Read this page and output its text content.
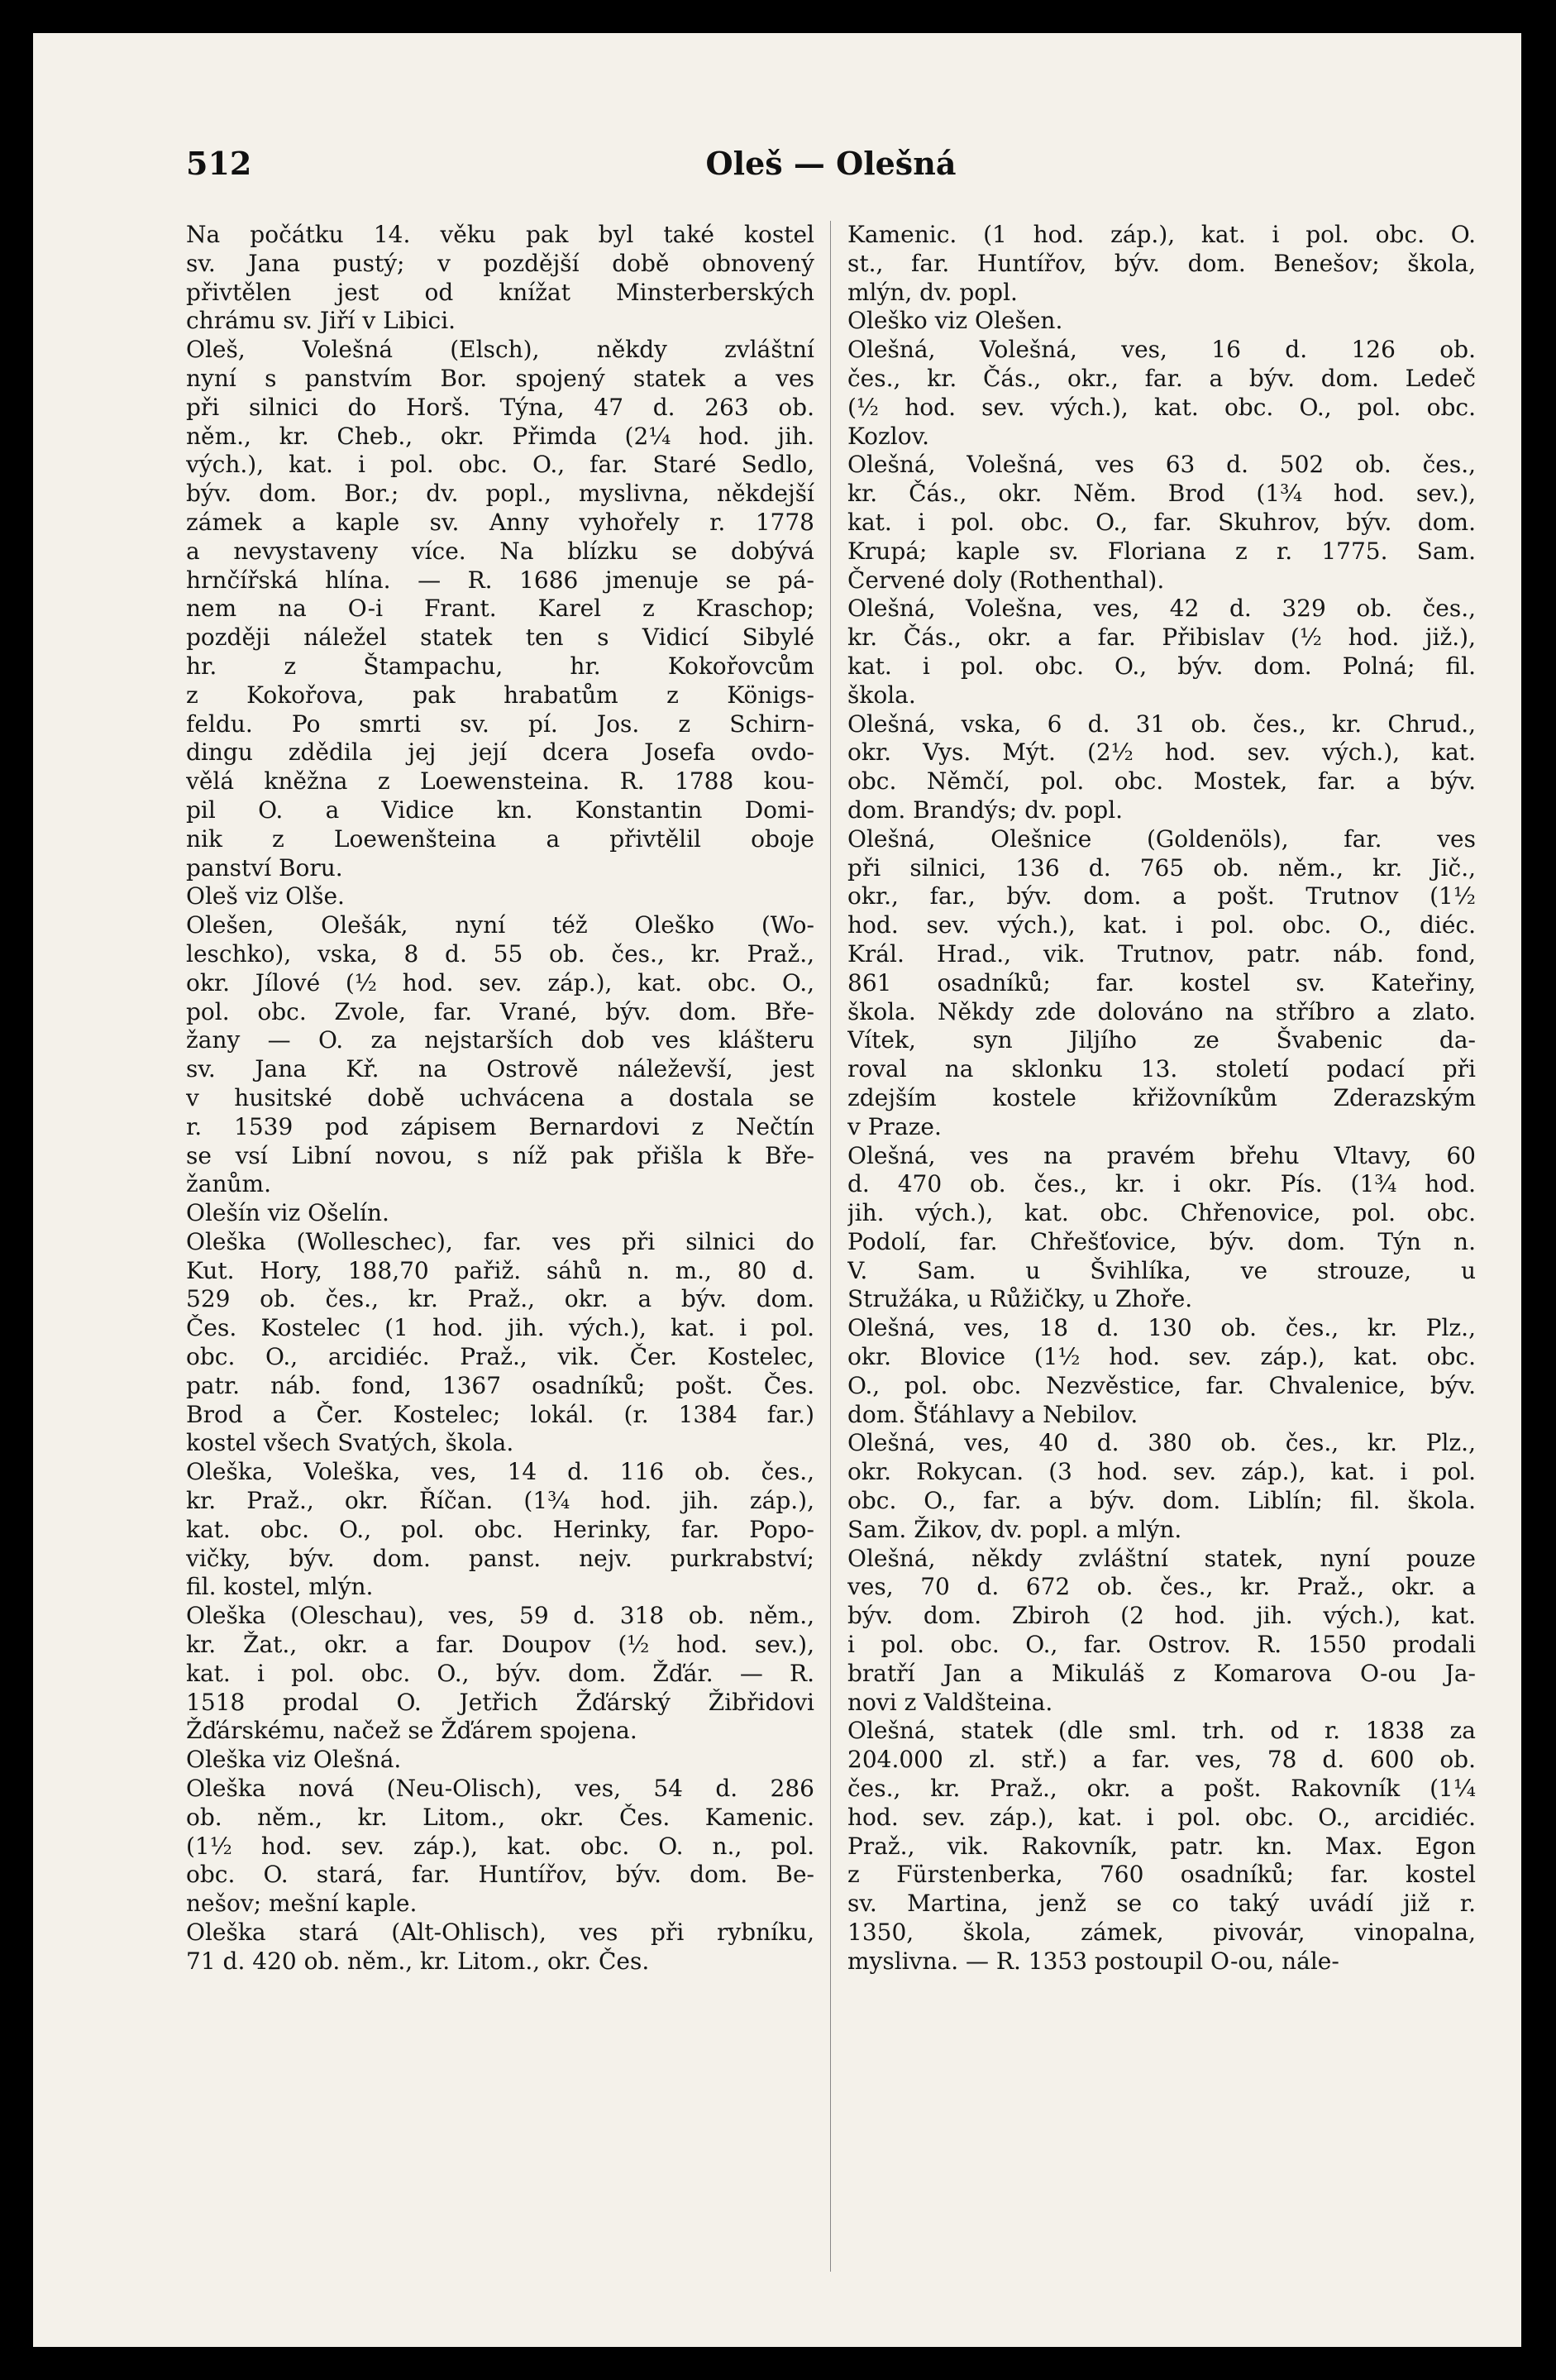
512	Oleš — Olešná
Na počátku 14. věku pak byl také kostel
sv. Jana pustý; v pozdější době obnovený
přivtělen jest od knížat Minsterberských
chrámu sv. Jiří v Libici.
Oleš, Volešná (Elsch), někdy zvláštní
nyní s panstvím Bor. spojený statek a ves
při silnici do Horš. Týna, 47 d. 263 ob.
něm., kr. Cheb., okr. Přimda (2¼ hod. jih.
vých.), kat. i pol. obc. O., far. Staré Sedlo,
býv. dom. Bor.; dv. popl., myslivna, někdejší
zámek a kaple sv. Anny vyhořely r. 1778
a nevystaveny více. Na blízku se dobývá
hrnčířská hlína. — R. 1686 jmenuje se pá-
nem na O-i Frant. Karel z Kraschop;
později náležel statek ten s Vidicí Sibylé
hr. z Štampachu, hr. Kokořovcům
z Kokořova, pak hrabatům z Königs-
feldu. Po smrti sv. pí. Jos. z Schirn-
dingu zdědila jej její dcera Josefa ovdo-
vělá kněžna z Loewensteina. R. 1788 kou-
pil O. a Vidice kn. Konstantin Domi-
nik z Loewenšteina a přivtělil oboje
panství Boru.
Oleš viz Olše.
Olešen, Olešák, nyní též Oleško (Wo-
leschko), vska, 8 d. 55 ob. čes., kr. Praž.,
okr. Jílové (½ hod. sev. záp.), kat. obc. O.,
pol. obc. Zvole, far. Vrané, býv. dom. Bře-
žany — O. za nejstarších dob ves klášteru
sv. Jana Kř. na Ostrově náleževší, jest
v husitské době uchvácena a dostala se
r. 1539 pod zápisem Bernardovi z Nečtín
se vsí Libní novou, s níž pak přišla k Bře-
žanům.
Olešín viz Ošelín.
Oleška (Wolleschec), far. ves při silnici do
Kut. Hory, 188,70 pařiž. sáhů n. m., 80 d.
529 ob. čes., kr. Praž., okr. a býv. dom.
Čes. Kostelec (1 hod. jih. vých.), kat. i pol.
obc. O., arcidiéc. Praž., vik. Čer. Kostelec,
patr. náb. fond, 1367 osadníků; pošt. Čes.
Brod a Čer. Kostelec; lokál. (r. 1384 far.)
kostel všech Svatých, škola.
Oleška, Voleška, ves, 14 d. 116 ob. čes.,
kr. Praž., okr. Říčan. (1¾ hod. jih. záp.),
kat. obc. O., pol. obc. Herinky, far. Popo-
vičky, býv. dom. panst. nejv. purkrabství;
fil. kostel, mlýn.
Oleška (Oleschau), ves, 59 d. 318 ob. něm.,
kr. Žat., okr. a far. Doupov (½ hod. sev.),
kat. i pol. obc. O., býv. dom. Žďár. — R.
1518 prodal O. Jetřich Žďárský Žibřidovi
Žďárskému, načež se Žďárem spojena.
Oleška viz Olešná.
Oleška nová (Neu-Olisch), ves, 54 d. 286
ob. něm., kr. Litom., okr. Čes. Kamenic.
(1½ hod. sev. záp.), kat. obc. O. n., pol.
obc. O. stará, far. Huntířov, býv. dom. Be-
nešov; mešní kaple.
Oleška stará (Alt-Ohlisch), ves při rybníku,
71 d. 420 ob. něm., kr. Litom., okr. Čes.
Kamenic. (1 hod. záp.), kat. i pol. obc. O.
st., far. Huntířov, býv. dom. Benešov; škola,
mlýn, dv. popl.
Oleško viz Olešen.
Olešná, Volešná, ves, 16 d. 126 ob.
čes., kr. Čás., okr., far. a býv. dom. Ledeč
(½ hod. sev. vých.), kat. obc. O., pol. obc.
Kozlov.
Olešná, Volešná, ves 63 d. 502 ob. čes.,
kr. Čás., okr. Něm. Brod (1¾ hod. sev.),
kat. i pol. obc. O., far. Skuhrov, býv. dom.
Krupá; kaple sv. Floriana z r. 1775. Sam.
Červené doly (Rothenthal).
Olešná, Volešna, ves, 42 d. 329 ob. čes.,
kr. Čás., okr. a far. Přibislav (½ hod. již.),
kat. i pol. obc. O., býv. dom. Polná; fil.
škola.
Olešná, vska, 6 d. 31 ob. čes., kr. Chrud.,
okr. Vys. Mýt. (2½ hod. sev. vých.), kat.
obc. Němčí, pol. obc. Mostek, far. a býv.
dom. Brandýs; dv. popl.
Olešná, Olešnice (Goldenöls), far. ves
při silnici, 136 d. 765 ob. něm., kr. Jič.,
okr., far., býv. dom. a pošt. Trutnov (1½
hod. sev. vých.), kat. i pol. obc. O., diéc.
Král. Hrad., vik. Trutnov, patr. náb. fond,
861 osadníků; far. kostel sv. Kateřiny,
škola. Někdy zde dolováno na stříbro a zlato.
Vítek, syn Jiljího ze Švabenic da-
roval na sklonku 13. století podací při
zdejším kostele křižovníkům Zderazským
v Praze.
Olešná, ves na pravém břehu Vltavy, 60
d. 470 ob. čes., kr. i okr. Pís. (1¾ hod.
jih. vých.), kat. obc. Chřenovice, pol. obc.
Podolí, far. Chřešťovice, býv. dom. Týn n.
V. Sam. u Švihlíka, ve strouze, u
Stružáka, u Růžičky, u Zhoře.
Olešná, ves, 18 d. 130 ob. čes., kr. Plz.,
okr. Blovice (1½ hod. sev. záp.), kat. obc.
O., pol. obc. Nezvěstice, far. Chvalenice, býv.
dom. Šťáhlavy a Nebilov.
Olešná, ves, 40 d. 380 ob. čes., kr. Plz.,
okr. Rokycan. (3 hod. sev. záp.), kat. i pol.
obc. O., far. a býv. dom. Liblín; fil. škola.
Sam. Žikov, dv. popl. a mlýn.
Olešná, někdy zvláštní statek, nyní pouze
ves, 70 d. 672 ob. čes., kr. Praž., okr. a
býv. dom. Zbiroh (2 hod. jih. vých.), kat.
i pol. obc. O., far. Ostrov. R. 1550 prodali
bratří Jan a Mikuláš z Komarova O-ou Ja-
novi z Valdšteina.
Olešná, statek (dle sml. trh. od r. 1838 za
204.000 zl. stř.) a far. ves, 78 d. 600 ob.
čes., kr. Praž., okr. a pošt. Rakovník (1¼
hod. sev. záp.), kat. i pol. obc. O., arcidiéc.
Praž., vik. Rakovník, patr. kn. Max. Egon
z Fürstenberka, 760 osadníků; far. kostel
sv. Martina, jenž se co taký uvádí již r.
1350, škola, zámek, pivovár, vinopalna,
myslivna. — R. 1353 postoupil O-ou, nále-
